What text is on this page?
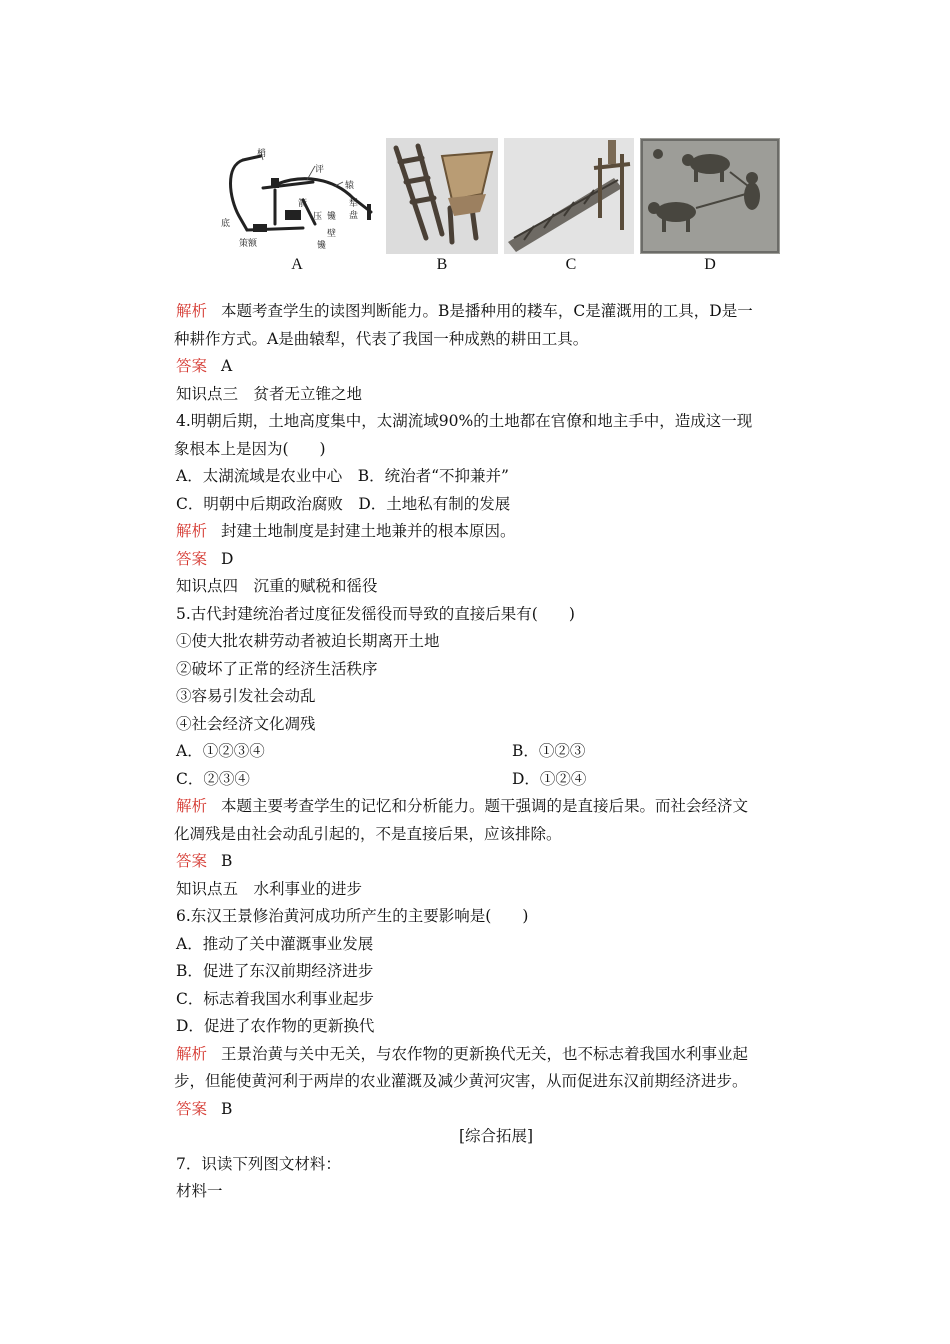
梢
评
辕
箭
压 镵
犁
盘
底
策额
壁
镵
A	B	C	D
解析 本题考查学生的读图判断能力。B是播种用的耧车，C是灌溉用的工具，D是一
种耕作方式。A是曲辕犁，代表了我国一种成熟的耕田工具。
答案 A
知识点三　贫者无立锥之地
4.明朝后期，土地高度集中，太湖流域90%的土地都在官僚和地主手中，造成这一现
象根本上是因为(　　)
A．太湖流域是农业中心　B．统治者“不抑兼并”
C．明朝中后期政治腐败　D．土地私有制的发展
解析 封建土地制度是封建土地兼并的根本原因。
答案 D
知识点四　沉重的赋税和徭役
5.古代封建统治者过度征发徭役而导致的直接后果有(　　)
①使大批农耕劳动者被迫长期离开土地
②破坏了正常的经济生活秩序
③容易引发社会动乱
④社会经济文化凋残
A．①②③④	B．①②③
C．②③④	D．①②④
解析 本题主要考查学生的记忆和分析能力。题干强调的是直接后果。而社会经济文
化凋残是由社会动乱引起的，不是直接后果，应该排除。
答案 B
知识点五　水利事业的进步
6.东汉王景修治黄河成功所产生的主要影响是(　　)
A．推动了关中灌溉事业发展
B．促进了东汉前期经济进步
C．标志着我国水利事业起步
D．促进了农作物的更新换代
解析 王景治黄与关中无关，与农作物的更新换代无关，也不标志着我国水利事业起
步，但能使黄河利于两岸的农业灌溉及减少黄河灾害，从而促进东汉前期经济进步。
答案 B
[综合拓展]
7．识读下列图文材料：
材料一
